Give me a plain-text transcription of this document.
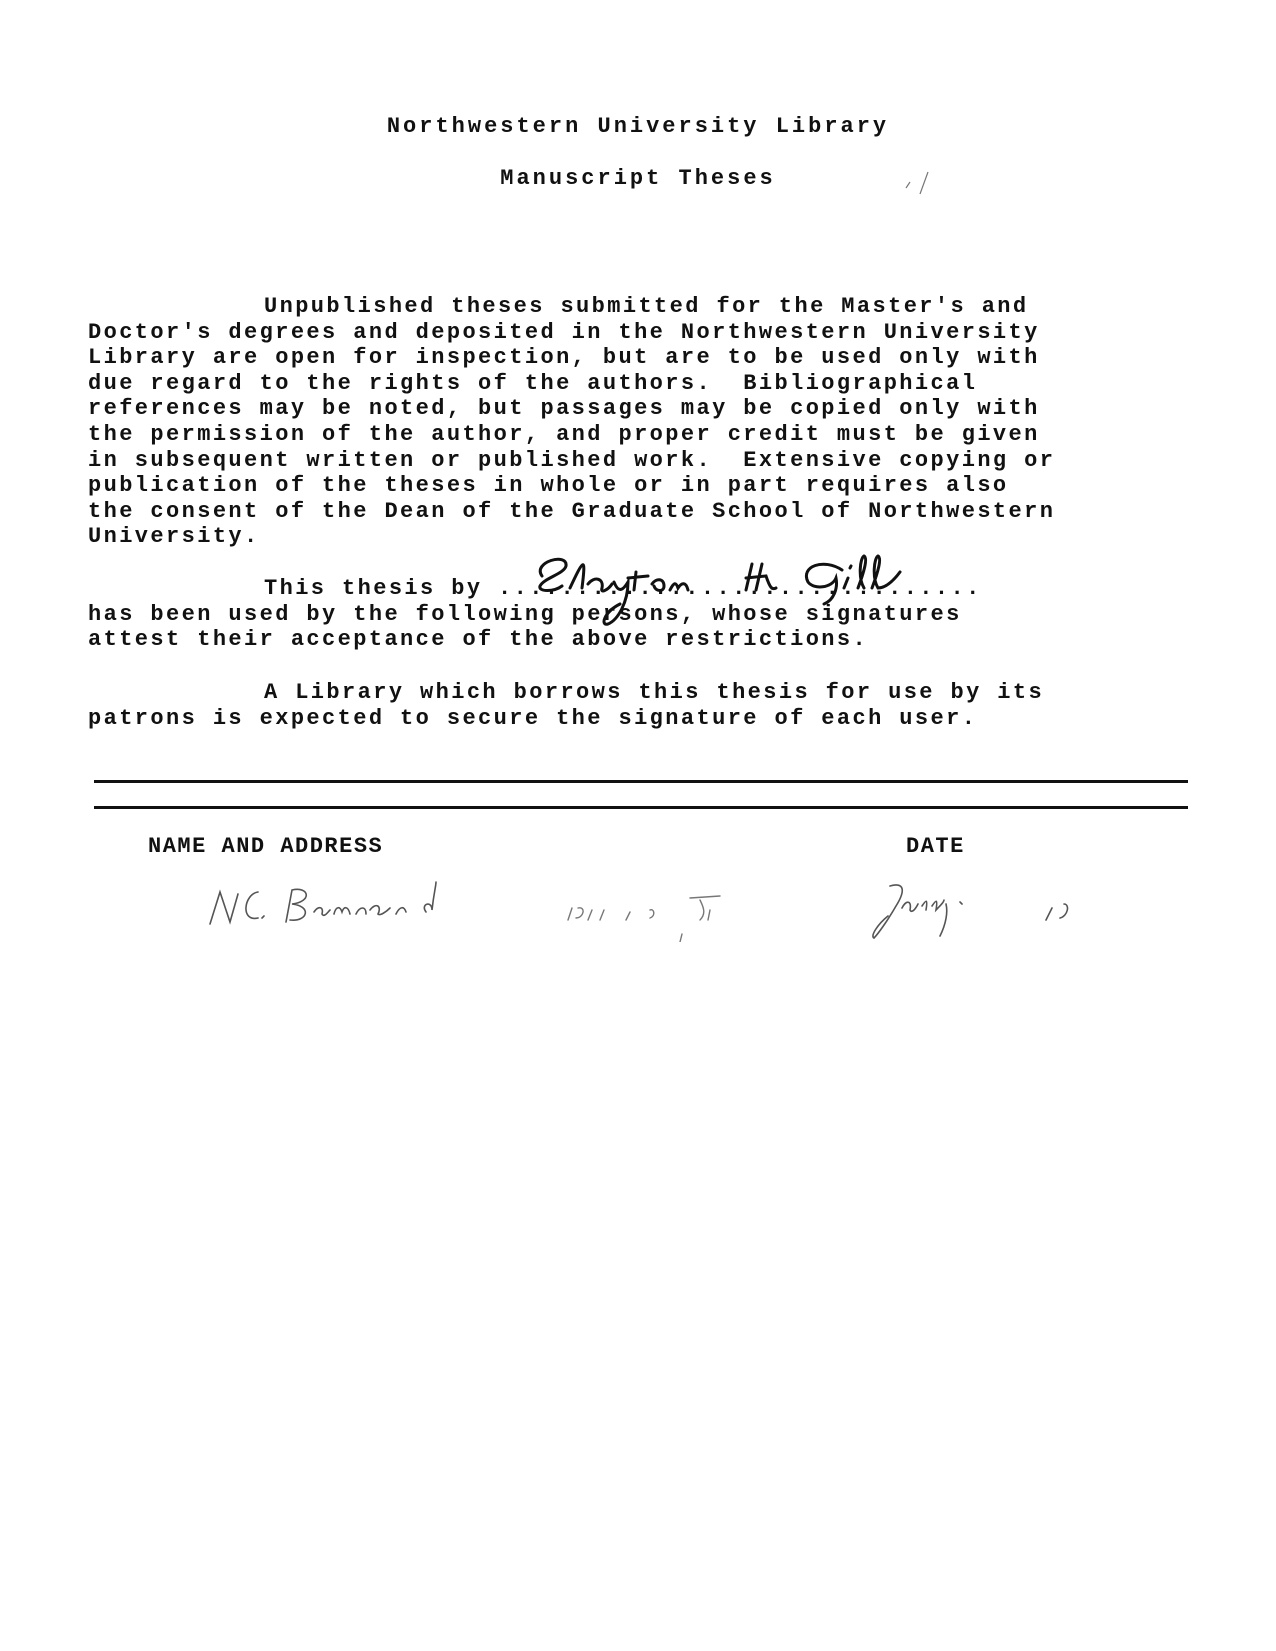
Northwestern University Library
Manuscript Theses
Unpublished theses submitted for the Master's and
Doctor's degrees and deposited in the Northwestern University
Library are open for inspection, but are to be used only with
due regard to the rights of the authors.  Bibliographical
references may be noted, but passages may be copied only with
the permission of the author, and proper credit must be given
in subsequent written or published work.  Extensive copying or
publication of the theses in whole or in part requires also
the consent of the Dean of the Graduate School of Northwestern
University.
This thesis by ...............................
has been used by the following persons, whose signatures
attest their acceptance of the above restrictions.
A Library which borrows this thesis for use by its
patrons is expected to secure the signature of each user.
NAME AND ADDRESS	DATE
